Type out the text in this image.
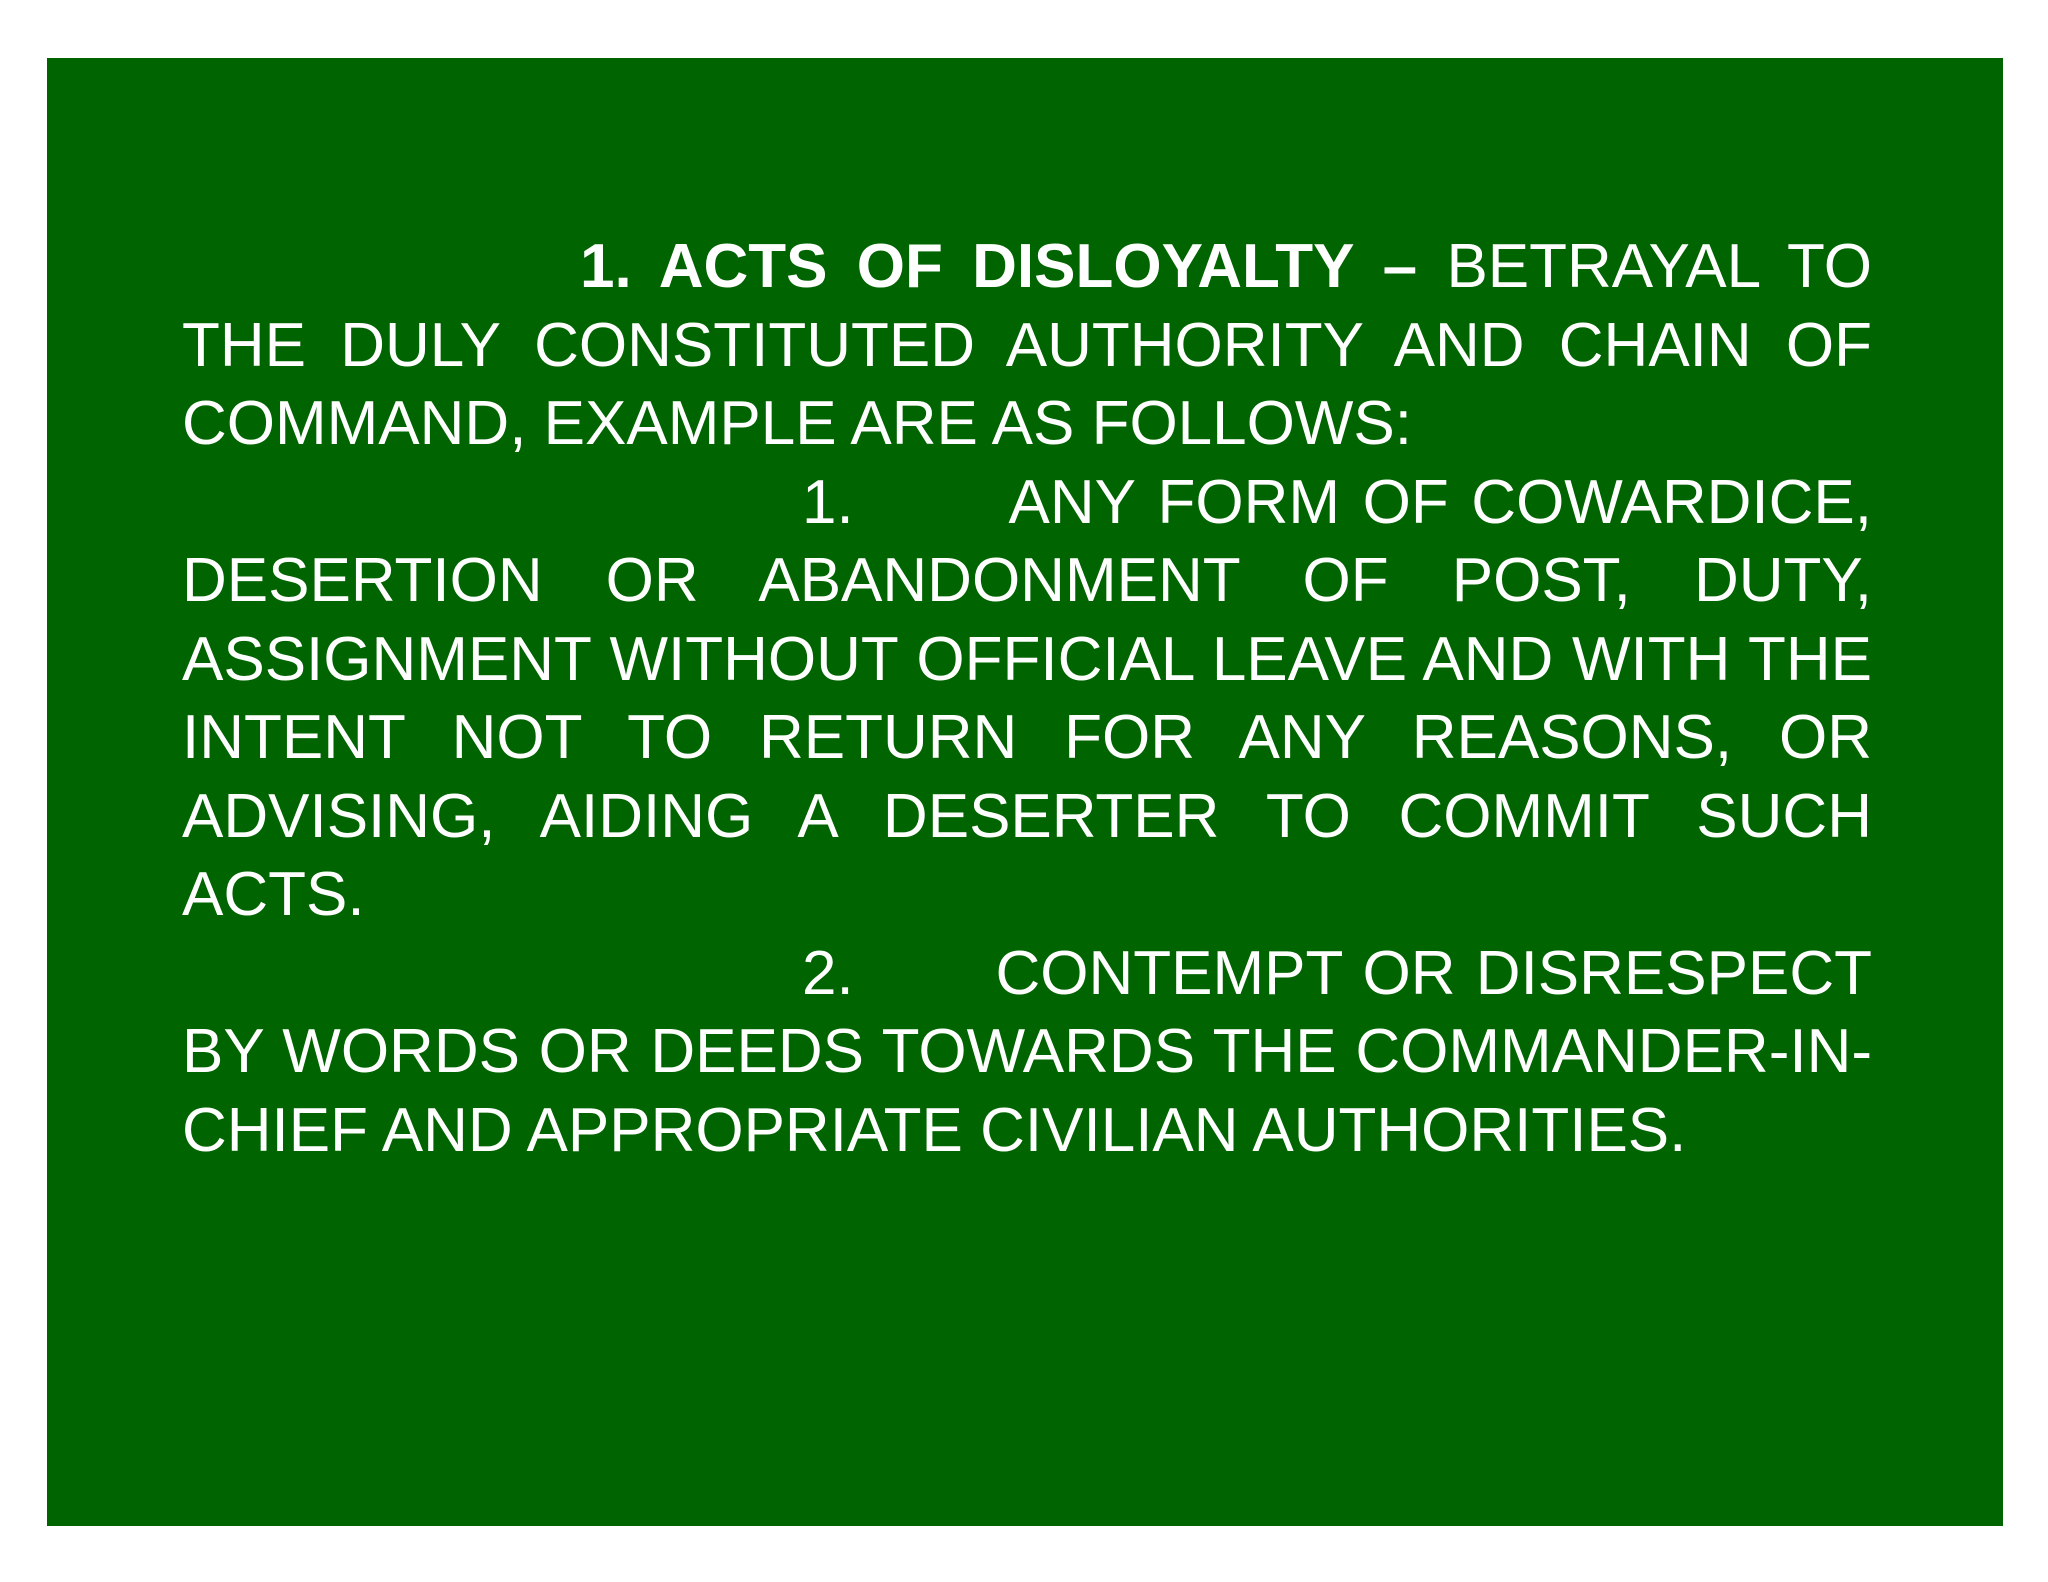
1. ACTS OF DISLOYALTY – BETRAYAL TO THE DULY CONSTITUTED AUTHORITY AND CHAIN OF COMMAND, EXAMPLE ARE AS FOLLOWS:

1. ANY FORM OF COWARDICE, DESERTION OR ABANDONMENT OF POST, DUTY, ASSIGNMENT WITHOUT OFFICIAL LEAVE AND WITH THE INTENT NOT TO RETURN FOR ANY REASONS, OR ADVISING, AIDING A DESERTER TO COMMIT SUCH ACTS.

2. CONTEMPT OR DISRESPECT BY WORDS OR DEEDS TOWARDS THE COMMANDER-IN-CHIEF AND APPROPRIATE CIVILIAN AUTHORITIES.
